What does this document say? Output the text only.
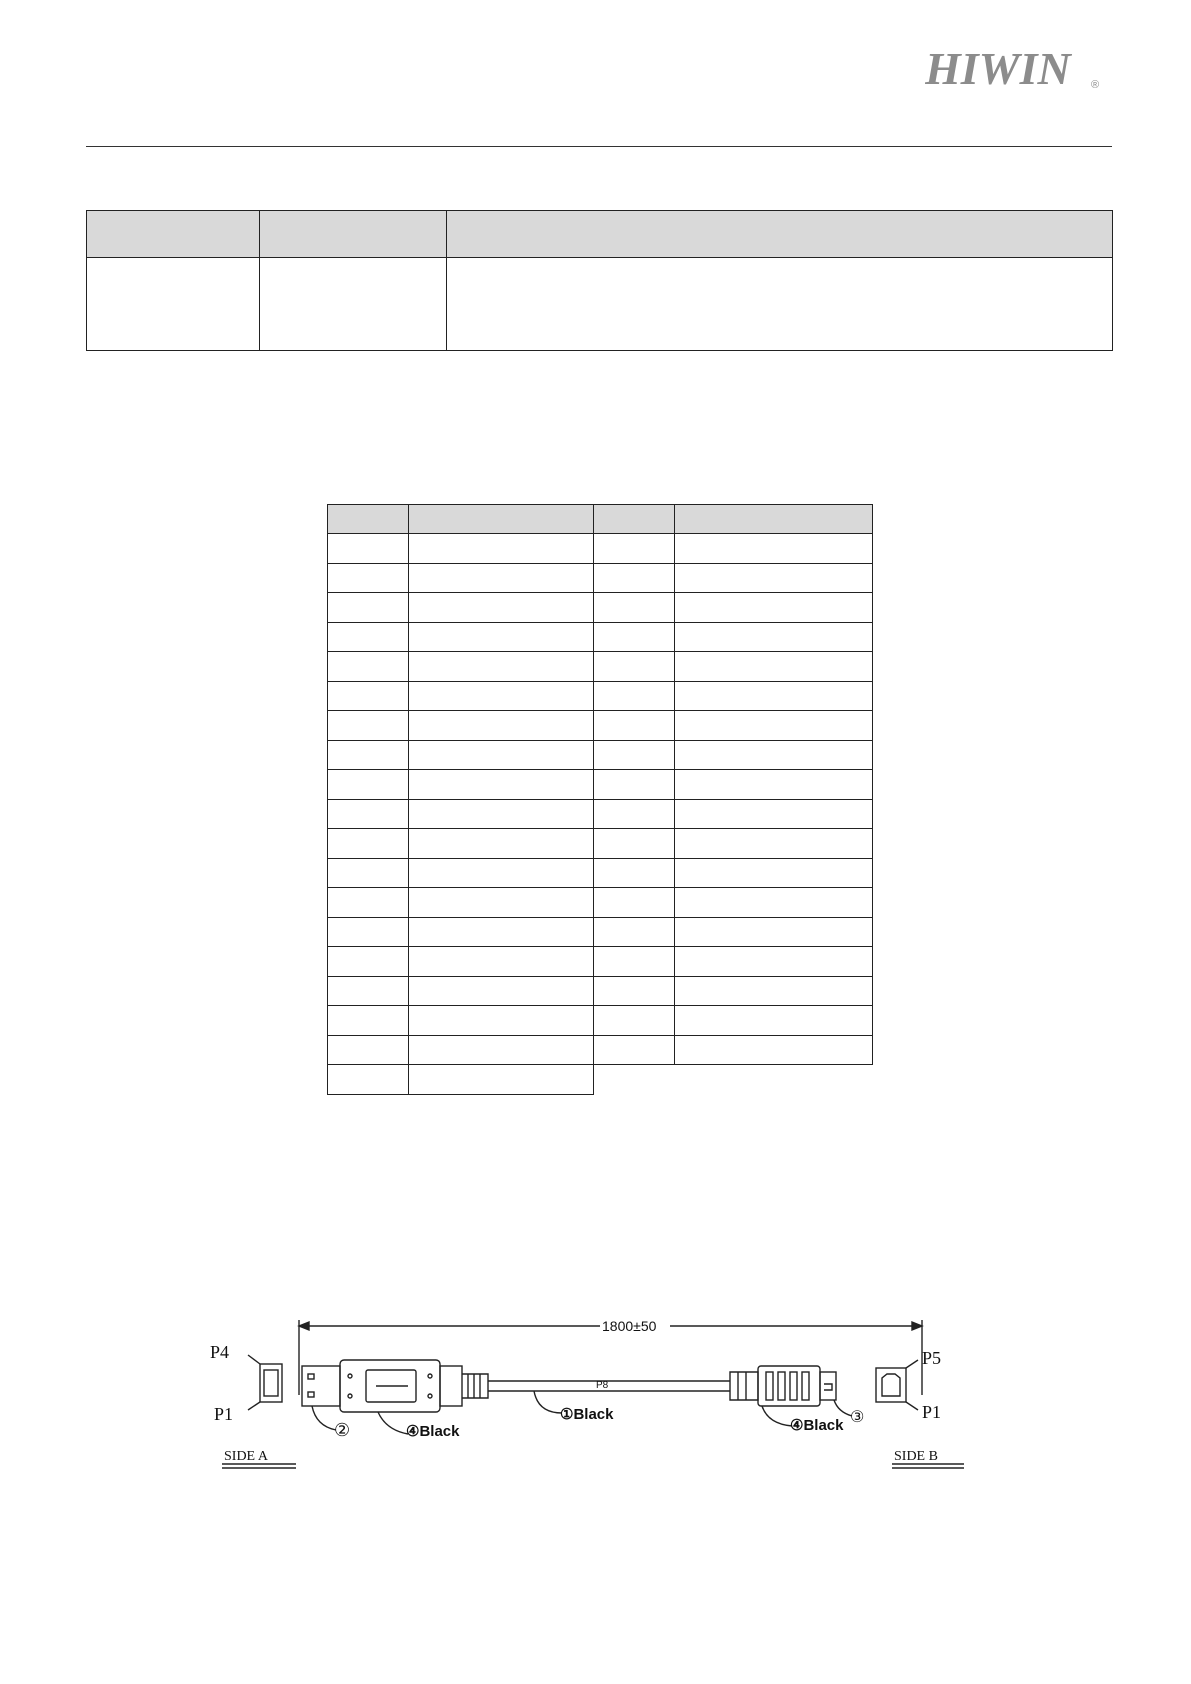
HIWIN ®

1800±50
P4
P1
SIDE A
P8
P5
P1
SIDE B
②	④Black
①Black
④Black ③
